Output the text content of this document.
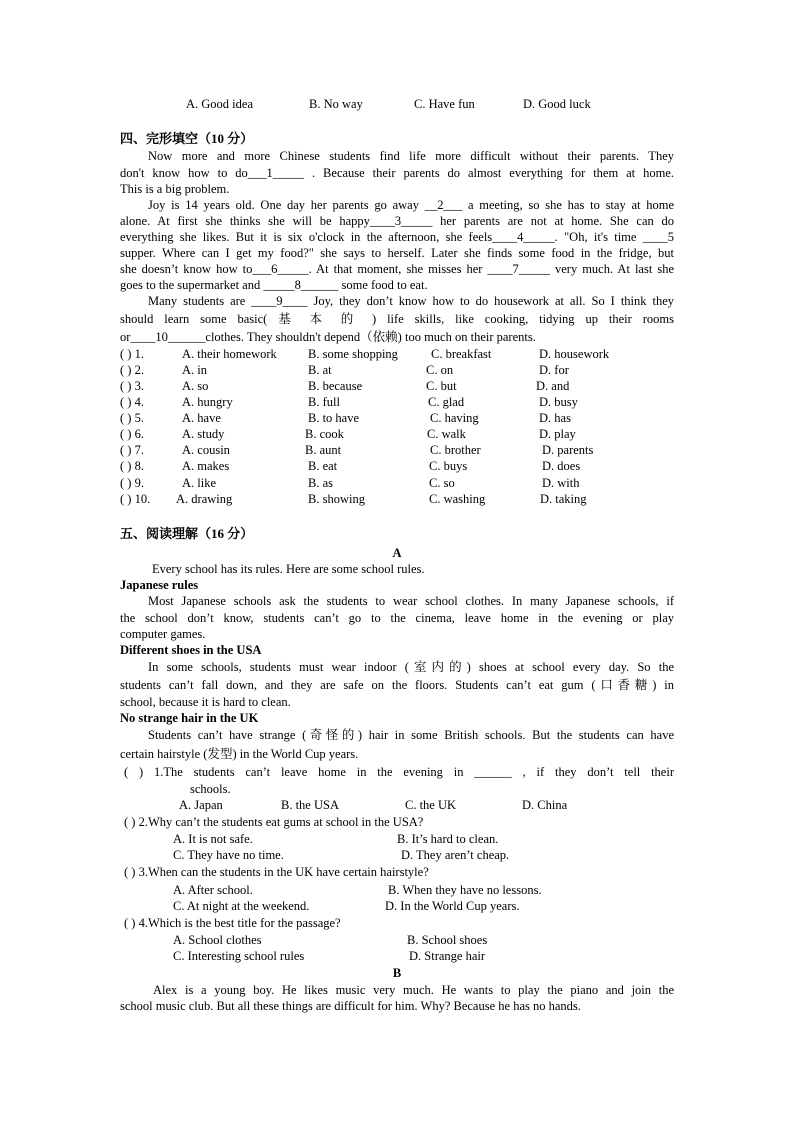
A. Good idea	B. No way	C. Have fun	D. Good luck
四、完形填空（10 分）
Now more and more Chinese students find life more difficult without their parents. They
don't know how to do___1_____ . Because their parents do almost everything for them at home.
This is a big problem.
Joy is 14 years old. One day her parents go away __2___ a meeting, so she has to stay at home
alone. At first she thinks she will be happy____3_____ her parents are not at home. She can do
everything she likes. But it is six o'clock in the afternoon, she feels____4_____. "Oh, it's time ____5
supper. Where can I get my food?" she says to herself. Later she finds some food in the fridge, but
she doesn’t know how to___6_____. At that moment, she misses her ____7_____ very much. At last she
goes to the supermarket and _____8______ some food to eat.
Many students are ____9____ Joy, they don’t know how to do housework at all. So I think they
should learn some basic( 基 本 的 ) life skills, like cooking, tidying up their rooms
or____10______clothes. They shouldn't depend（依赖) too much on their parents.
( ) 1.	A. their homework B. some shopping	C. breakfast	D. housework
( ) 2.	A. in	B. at	C. on	D. for
( ) 3.	A. so	B. because	C. but	D. and
( ) 4.	A. hungry	B. full	C. glad	D. busy
( ) 5.	A. have	B. to have	C. having	D. has
( ) 6.	A. study	B. cook	C. walk	D. play
( ) 7.	A. cousin	B. aunt	C. brother	D. parents
( ) 8.	A. makes	B. eat	C. buys	D. does
( ) 9.	A. like	B. as	C. so	D. with
( ) 10. A. drawing	B. showing	C. washing	D. taking
五、阅读理解（16 分）
A
Every school has its rules. Here are some school rules.
Japanese rules
Most Japanese schools ask the students to wear school clothes. In many Japanese schools, if
the school don’t know, students can’t go to the cinema, leave home in the evening or play
computer games.
Different shoes in the USA
In some schools, students must wear indoor (室内的) shoes at school every day. So the
students can’t fall down, and they are safe on the floors. Students can’t eat gum (口香糖) in
school, because it is hard to clean.
No strange hair in the UK
Students can’t have strange (奇怪的) hair in some British schools. But the students can have
certain hairstyle (发型) in the World Cup years.
( ) 1.The students can’t leave home in the evening in ______ , if they don’t tell their
schools.
A. Japan	B. the USA	C. the UK	D. China
( ) 2.Why can’t the students eat gums at school in the USA?
A. It is not safe.	B. It’s hard to clean.
C. They have no time.	D. They aren’t cheap.
( ) 3.When can the students in the UK have certain hairstyle?
A. After school.	B. When they have no lessons.
C. At night at the weekend.	D. In the World Cup years.
( ) 4.Which is the best title for the passage?
A. School clothes	B. School shoes
C. Interesting school rules	D. Strange hair
B
Alex is a young boy. He likes music very much. He wants to play the piano and join the
school music club. But all these things are difficult for him. Why? Because he has no hands.
